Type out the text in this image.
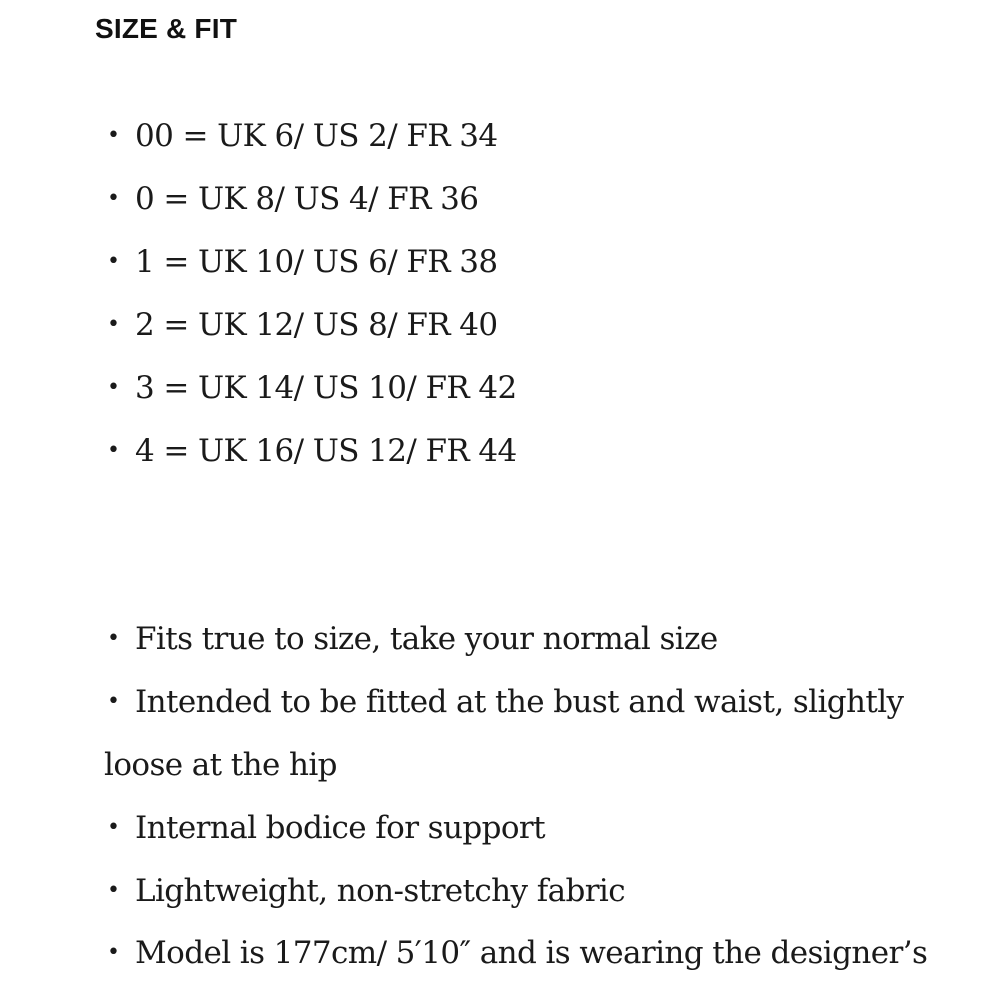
SIZE & FIT
• 00 = UK 6/ US 2/ FR 34
• 0 = UK 8/ US 4/ FR 36
• 1 = UK 10/ US 6/ FR 38
• 2 = UK 12/ US 8/ FR 40
• 3 = UK 14/ US 10/ FR 42
• 4 = UK 16/ US 12/ FR 44
• Fits true to size, take your normal size
• Intended to be fitted at the bust and waist, slightly
loose at the hip
• Internal bodice for support
• Lightweight, non-stretchy fabric
• Model is 177cm/ 5′10″ and is wearing the designer’s
